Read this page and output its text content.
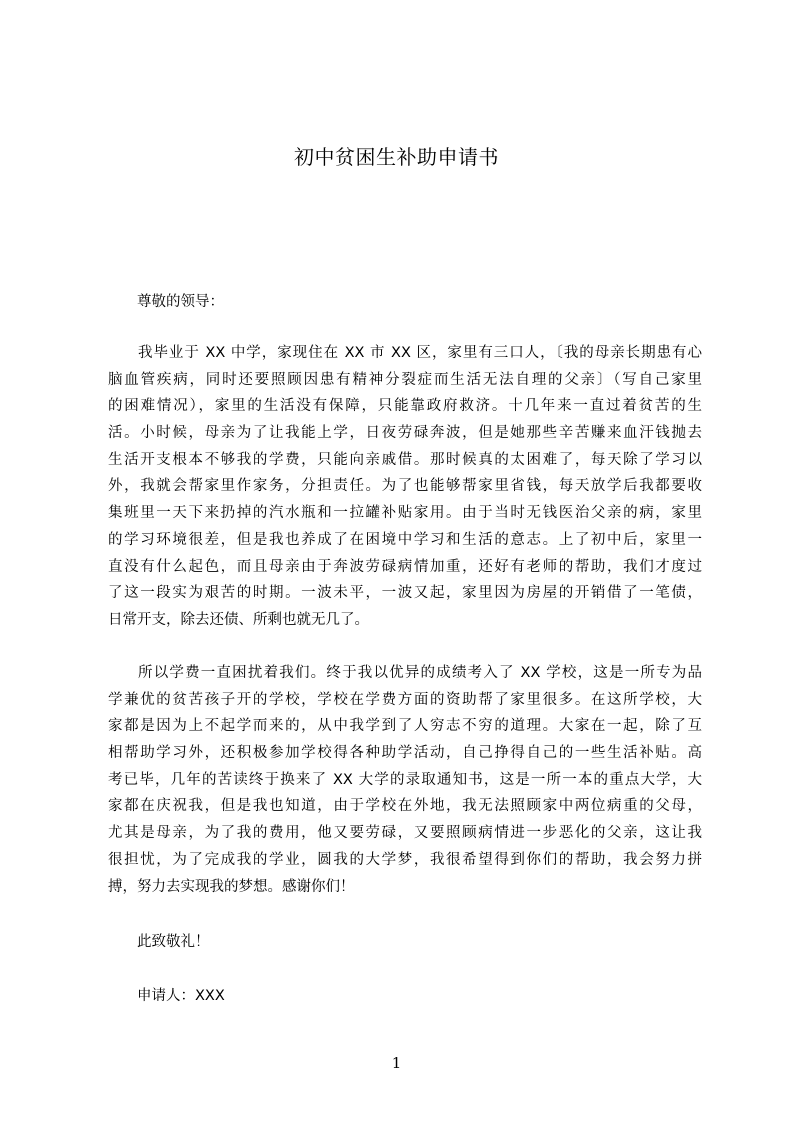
初中贫困生补助申请书
尊敬的领导：
我毕业于 XX 中学，家现住在 XX 市 XX 区，家里有三口人，〔我的母亲长期患有心
脑血管疾病，同时还要照顾因患有精神分裂症而生活无法自理的父亲〕（写自己家里
的困难情况），家里的生活没有保障，只能靠政府救济。十几年来一直过着贫苦的生
活。小时候，母亲为了让我能上学，日夜劳碌奔波，但是她那些辛苦赚来血汗钱抛去
生活开支根本不够我的学费，只能向亲戚借。那时候真的太困难了，每天除了学习以
外，我就会帮家里作家务，分担责任。为了也能够帮家里省钱，每天放学后我都要收
集班里一天下来扔掉的汽水瓶和一拉罐补贴家用。由于当时无钱医治父亲的病，家里
的学习环境很差，但是我也养成了在困境中学习和生活的意志。上了初中后，家里一
直没有什么起色，而且母亲由于奔波劳碌病情加重，还好有老师的帮助，我们才度过
了这一段实为艰苦的时期。一波未平，一波又起，家里因为房屋的开销借了一笔债，
日常开支，除去还债、所剩也就无几了。
所以学费一直困扰着我们。终于我以优异的成绩考入了 XX 学校，这是一所专为品
学兼优的贫苦孩子开的学校，学校在学费方面的资助帮了家里很多。在这所学校，大
家都是因为上不起学而来的，从中我学到了人穷志不穷的道理。大家在一起，除了互
相帮助学习外，还积极参加学校得各种助学活动，自己挣得自己的一些生活补贴。高
考已毕，几年的苦读终于换来了 XX 大学的录取通知书，这是一所一本的重点大学，大
家都在庆祝我，但是我也知道，由于学校在外地，我无法照顾家中两位病重的父母，
尤其是母亲，为了我的费用，他又要劳碌，又要照顾病情进一步恶化的父亲，这让我
很担忧，为了完成我的学业，圆我的大学梦，我很希望得到你们的帮助，我会努力拼
搏，努力去实现我的梦想。感谢你们！
此致敬礼！
申请人：XXX
1
